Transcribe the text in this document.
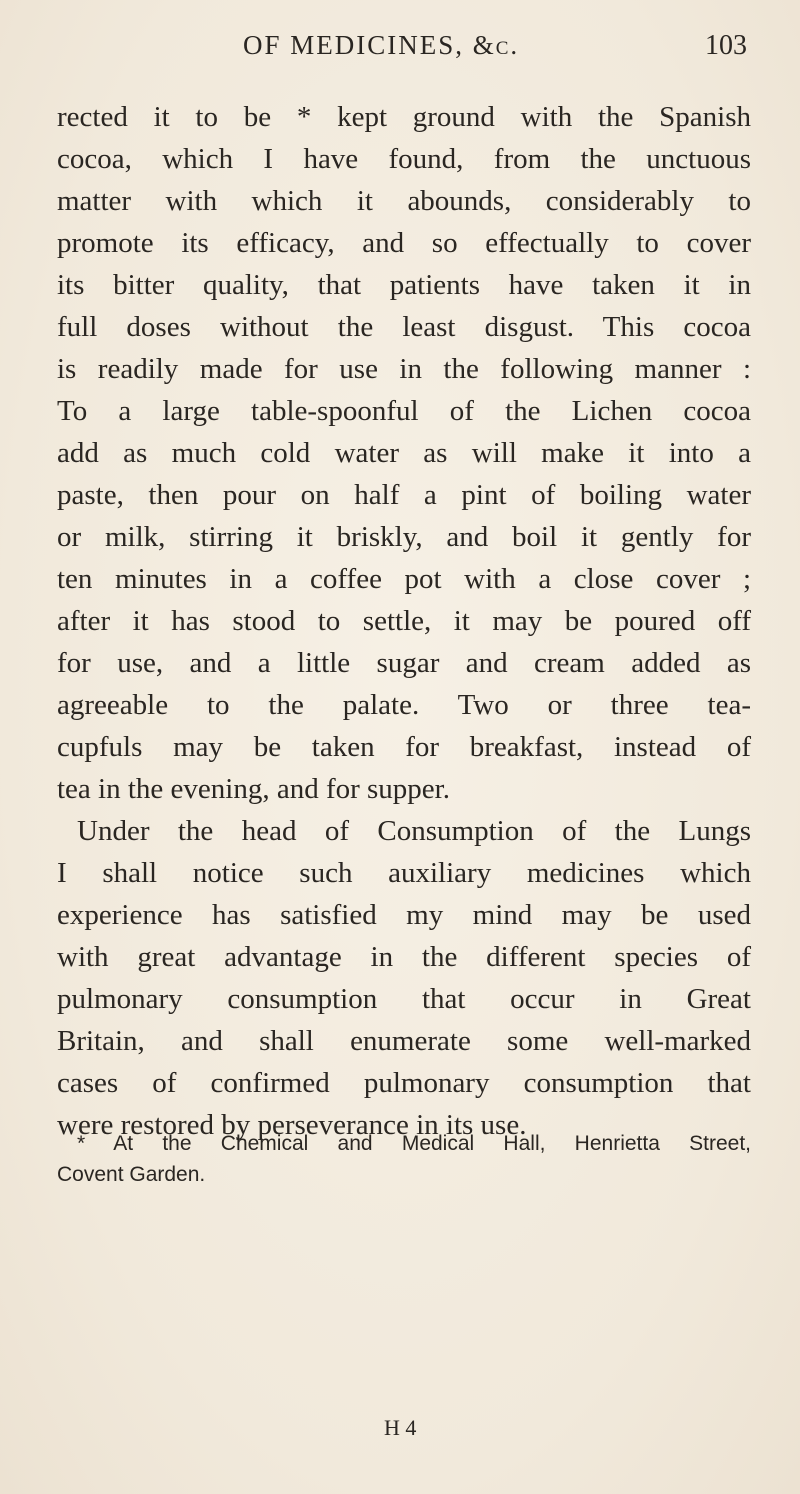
OF MEDICINES, &c.	103
rected it to be * kept ground with the Spanish
cocoa, which I have found, from the unctuous
matter with which it abounds, considerably to
promote its efficacy, and so effectually to cover
its bitter quality, that patients have taken it in
full doses without the least disgust. This cocoa
is readily made for use in the following manner :
To a large table-spoonful of the Lichen cocoa
add as much cold water as will make it into a
paste, then pour on half a pint of boiling water
or milk, stirring it briskly, and boil it gently for
ten minutes in a coffee pot with a close cover ;
after it has stood to settle, it may be poured off
for use, and a little sugar and cream added as
agreeable to the palate. Two or three tea-
cupfuls may be taken for breakfast, instead of
tea in the evening, and for supper.
Under the head of Consumption of the Lungs
I shall notice such auxiliary medicines which
experience has satisfied my mind may be used
with great advantage in the different species of
pulmonary consumption that occur in Great
Britain, and shall enumerate some well-marked
cases of confirmed pulmonary consumption that
were restored by perseverance in its use.
* At the Chemical and Medical Hall, Henrietta Street,
Covent Garden.
H 4
